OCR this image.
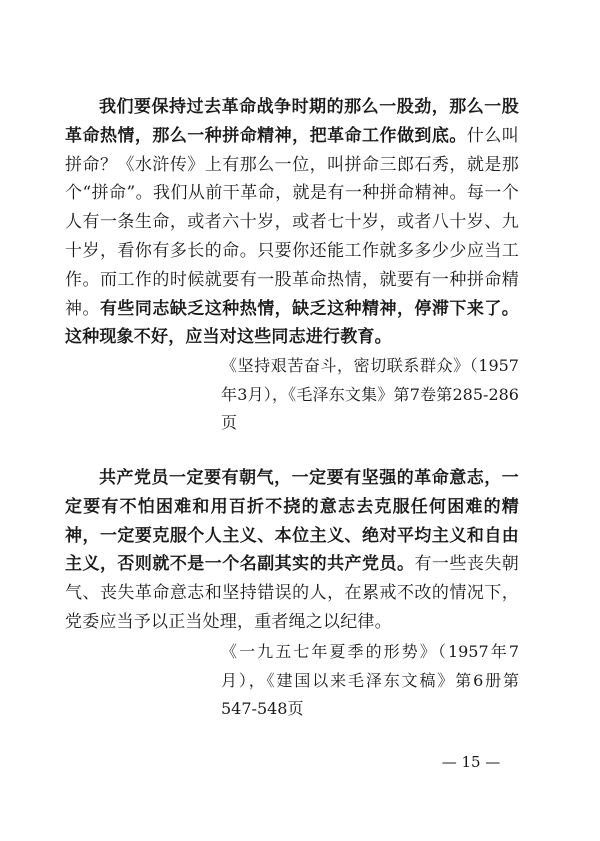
我们要保持过去革命战争时期的那么一股劲，那么一股革命热情，那么一种拼命精神，把革命工作做到底。什么叫拼命？《水浒传》上有那么一位，叫拼命三郎石秀，就是那个“拼命”。我们从前干革命，就是有一种拼命精神。每一个人有一条生命，或者六十岁，或者七十岁，或者八十岁、九十岁，看你有多长的命。只要你还能工作就多多少少应当工作。而工作的时候就要有一股革命热情，就要有一种拼命精神。有些同志缺乏这种热情，缺乏这种精神，停滞下来了。这种现象不好，应当对这些同志进行教育。

《坚持艰苦奋斗，密切联系群众》（1957年3月），《毛泽东文集》第7卷第285-286页

共产党员一定要有朝气，一定要有坚强的革命意志，一定要有不怕困难和用百折不挠的意志去克服任何困难的精神，一定要克服个人主义、本位主义、绝对平均主义和自由主义，否则就不是一个名副其实的共产党员。有一些丧失朝气、丧失革命意志和坚持错误的人，在累戒不改的情况下，党委应当予以正当处理，重者绳之以纪律。

《一九五七年夏季的形势》（1957年7月），《建国以来毛泽东文稿》第6册第547-548页

— 15 —
